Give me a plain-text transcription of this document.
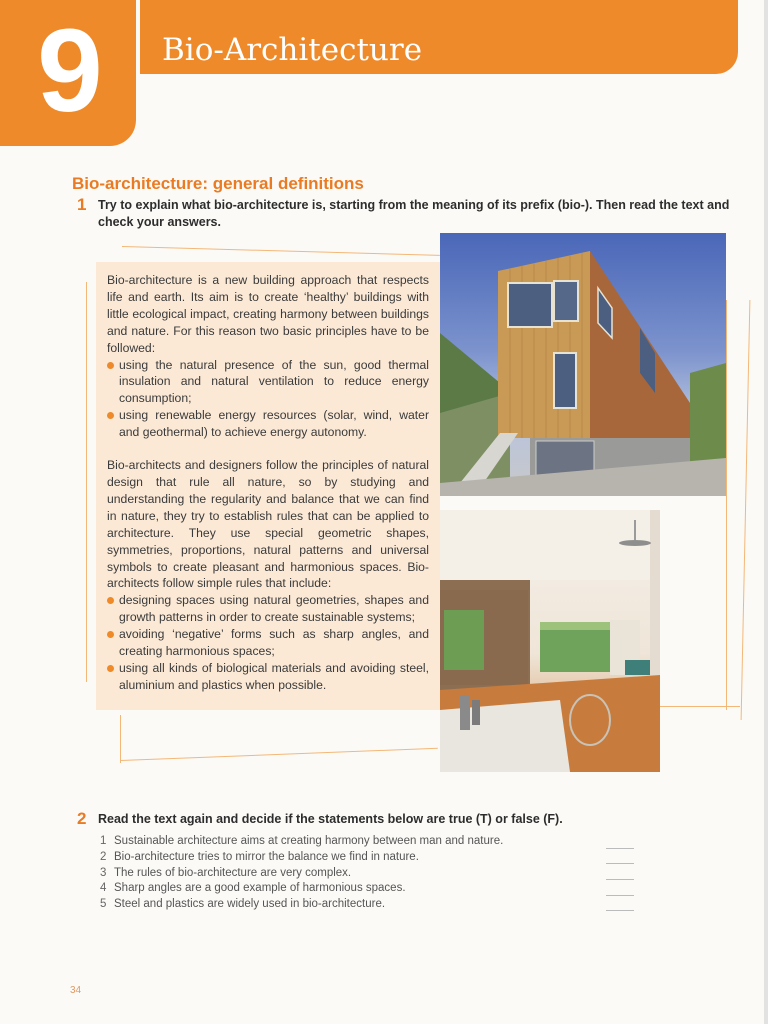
9	Bio-Architecture
Bio-architecture: general definitions
1 Try to explain what bio-architecture is, starting from the meaning of its prefix (bio-). Then read the text and check your answers.

Bio-architecture is a new building approach that respects life and earth. Its aim is to create ‘healthy’ buildings with little ecological impact, creating harmony between buildings and nature. For this reason two basic principles have to be followed:

using the natural presence of the sun, good thermal insulation and natural ventilation to reduce energy consumption;

using renewable energy resources (solar, wind, water and geothermal) to achieve energy autonomy.

Bio-architects and designers follow the principles of natural design that rule all nature, so by studying and understanding the regularity and balance that we can find in nature, they try to establish rules that can be applied to architecture. They use special geometric shapes, symmetries, proportions, natural patterns and universal symbols to create pleasant and harmonious spaces. Bio-architects follow simple rules that include:

designing spaces using natural geometries, shapes and growth patterns in order to create sustainable systems;

avoiding ‘negative’ forms such as sharp angles, and creating harmonious spaces;

using all kinds of biological materials and avoiding steel, aluminium and plastics when possible.

2 Read the text again and decide if the statements below are true (T) or false (F).
1 Sustainable architecture aims at creating harmony between man and nature.
2 Bio-architecture tries to mirror the balance we find in nature.
3 The rules of bio-architecture are very complex.
4 Sharp angles are a good example of harmonious spaces.
5 Steel and plastics are widely used in bio-architecture.
34
